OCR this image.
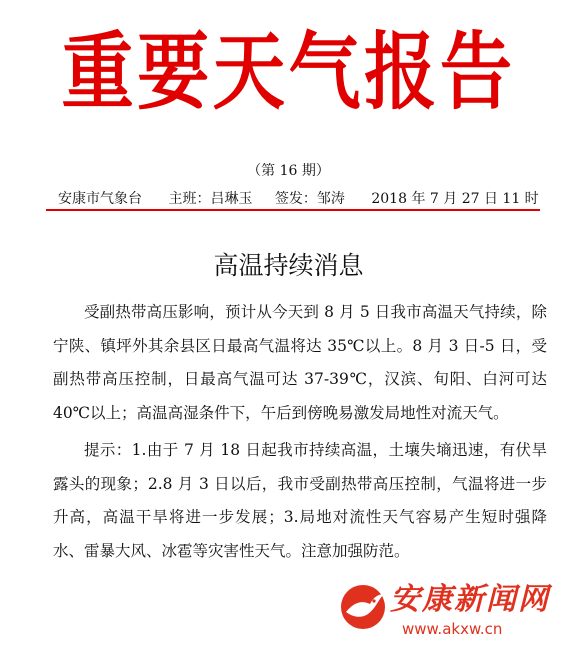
重要天气报告
（第 16 期）
安康市气象台 主班：吕琳玉 签发：邹涛 2018 年 7 月 27 日 11 时
高温持续消息

受副热带高压影响，预计从今天到 8 月 5 日我市高温天气持续，除宁陕、镇坪外其余县区日最高气温将达 35℃以上。8 月 3 日-5 日，受副热带高压控制，日最高气温可达 37-39℃，汉滨、旬阳、白河可达 40℃以上；高温高湿条件下，午后到傍晚易激发局地性对流天气。

提示：1.由于 7 月 18 日起我市持续高温，土壤失墒迅速，有伏旱露头的现象；2.8 月 3 日以后，我市受副热带高压控制，气温将进一步升高，高温干旱将进一步发展；3.局地对流性天气容易产生短时强降水、雷暴大风、冰雹等灾害性天气。注意加强防范。

安康新闻网
www.akxw.cn
